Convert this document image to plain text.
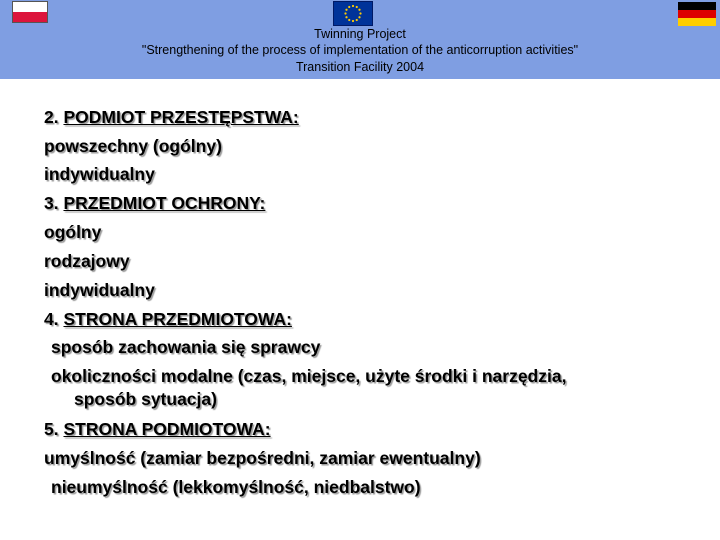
Twinning Project
"Strengthening of the process of implementation of the anticorruption activities"
Transition Facility 2004
2. PODMIOT PRZESTĘPSTWA:
powszechny (ogólny)
indywidualny
3. PRZEDMIOT OCHRONY:
ogólny
rodzajowy
indywidualny
4. STRONA PRZEDMIOTOWA:
sposób zachowania się sprawcy
okoliczności modalne (czas, miejsce, użyte środki i narzędzia,
sposób sytuacja)
5. STRONA PODMIOTOWA:
umyślność (zamiar bezpośredni, zamiar ewentualny)
nieumyślność (lekkomyślność, niedbalstwo)
